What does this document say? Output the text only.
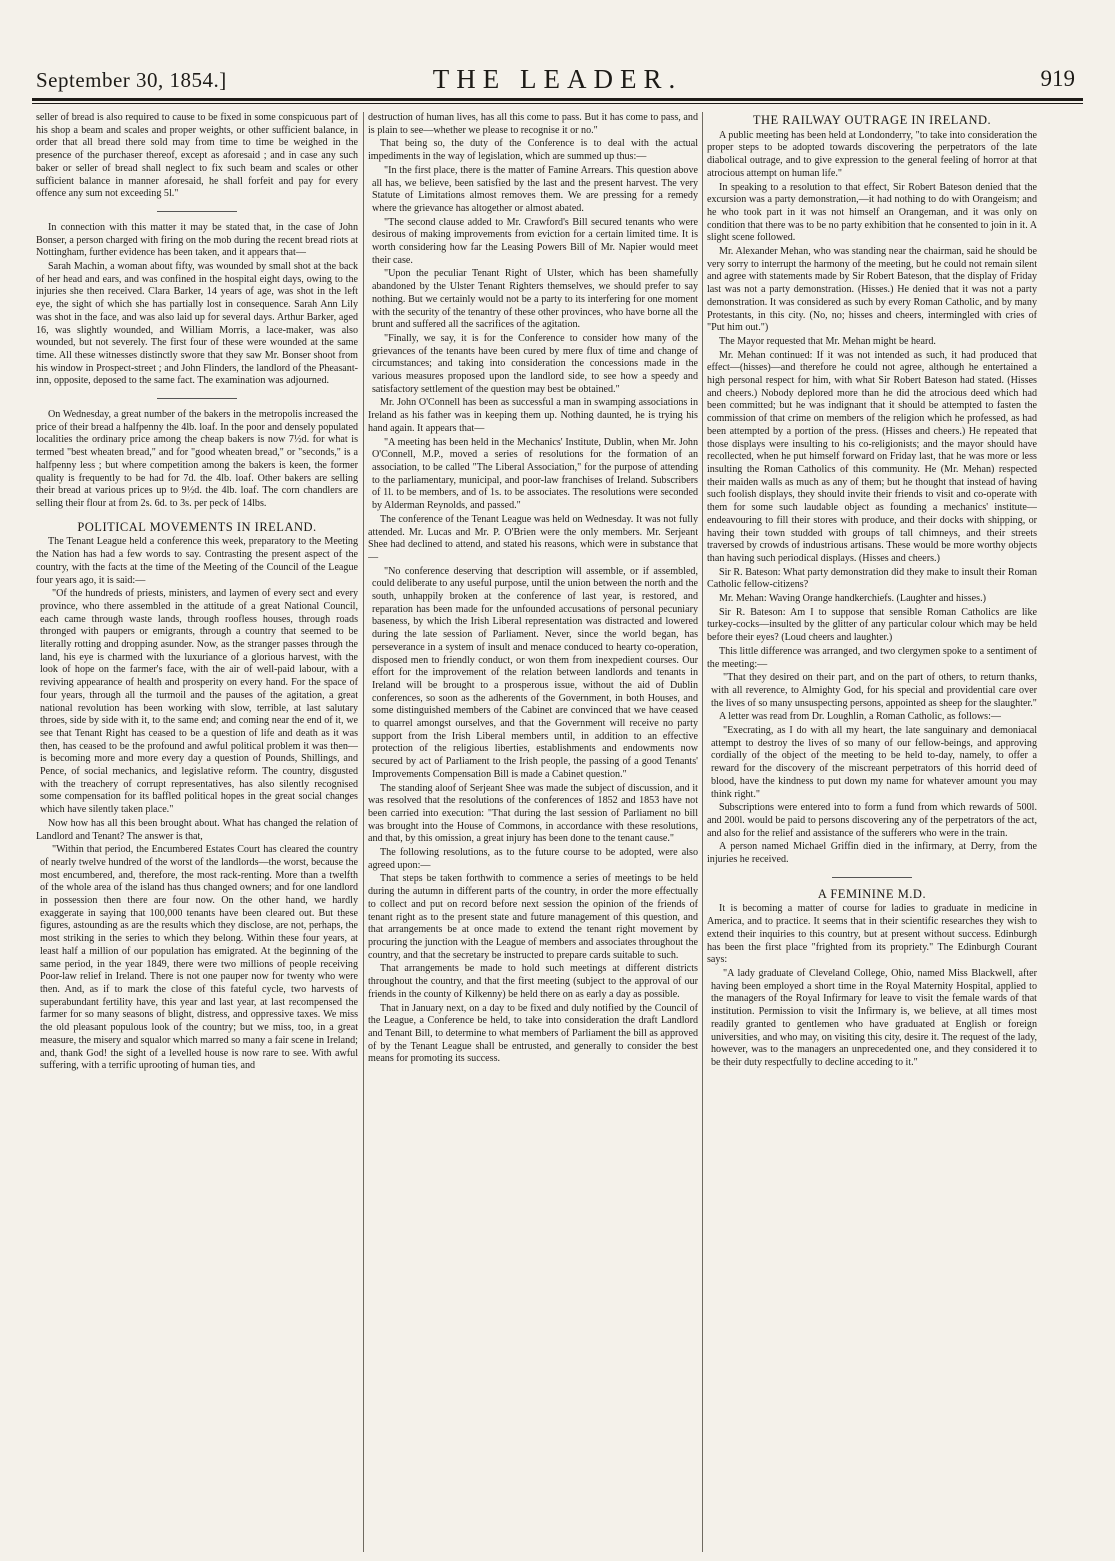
September 30, 1854.]	THE LEADER.	919

seller of bread is also required to cause to be fixed in some conspicuous part of his shop a beam and scales and proper weights, or other sufficient balance, in order that all bread there sold may from time to time be weighed in the presence of the purchaser thereof, except as aforesaid ; and in case any such baker or seller of bread shall neglect to fix such beam and scales or other sufficient balance in manner aforesaid, he shall forfeit and pay for every offence any sum not exceeding 5l."

In connection with this matter it may be stated that, in the case of John Bonser, a person charged with firing on the mob during the recent bread riots at Nottingham, further evidence has been taken, and it appears that—

Sarah Machin, a woman about fifty, was wounded by small shot at the back of her head and ears, and was confined in the hospital eight days, owing to the injuries she then received. Clara Barker, 14 years of age, was shot in the left eye, the sight of which she has partially lost in consequence. Sarah Ann Lily was shot in the face, and was also laid up for several days. Arthur Barker, aged 16, was slightly wounded, and William Morris, a lace-maker, was also wounded, but not severely. The first four of these were wounded at the same time. All these witnesses distinctly swore that they saw Mr. Bonser shoot from his window in Prospect-street ; and John Flinders, the landlord of the Pheasant-inn, opposite, deposed to the same fact. The examination was adjourned.

On Wednesday, a great number of the bakers in the metropolis increased the price of their bread a halfpenny the 4lb. loaf. In the poor and densely populated localities the ordinary price among the cheap bakers is now 7½d. for what is termed "best wheaten bread," and for "good wheaten bread," or "seconds," is a halfpenny less ; but where competition among the bakers is keen, the former quality is frequently to be had for 7d. the 4lb. loaf. Other bakers are selling their bread at various prices up to 9½d. the 4lb. loaf. The corn chandlers are selling their flour at from 2s. 6d. to 3s. per peck of 14lbs.

POLITICAL MOVEMENTS IN IRELAND.

The Tenant League held a conference this week, preparatory to the Meeting the Nation has had a few words to say. Contrasting the present aspect of the country, with the facts at the time of the Meeting of the Council of the League four years ago, it is said:—

"Of the hundreds of priests, ministers, and laymen of every sect and every province, who there assembled in the attitude of a great National Council, each came through waste lands, through roofless houses, through roads thronged with paupers or emigrants, through a country that seemed to be literally rotting and dropping asunder. Now, as the stranger passes through the land, his eye is charmed with the luxuriance of a glorious harvest, with the look of hope on the farmer's face, with the air of well-paid labour, with a reviving appearance of health and prosperity on every hand. For the space of four years, through all the turmoil and the pauses of the agitation, a great national revolution has been working with slow, terrible, at last salutary throes, side by side with it, to the same end; and coming near the end of it, we see that Tenant Right has ceased to be a question of life and death as it was then, has ceased to be the profound and awful political problem it was then—is becoming more and more every day a question of Pounds, Shillings, and Pence, of social mechanics, and legislative reform. The country, disgusted with the treachery of corrupt representatives, has also silently recognised some compensation for its baffled political hopes in the great social changes which have silently taken place."

Now how has all this been brought about. What has changed the relation of Landlord and Tenant? The answer is that,

"Within that period, the Encumbered Estates Court has cleared the country of nearly twelve hundred of the worst of the landlords—the worst, because the most encumbered, and, therefore, the most rack-renting. More than a twelfth of the whole area of the island has thus changed owners; and for one landlord in possession then there are four now. On the other hand, we hardly exaggerate in saying that 100,000 tenants have been cleared out. But these figures, astounding as are the results which they disclose, are not, perhaps, the most striking in the series to which they belong. Within these four years, at least half a million of our population has emigrated. At the beginning of the same period, in the year 1849, there were two millions of people receiving Poor-law relief in Ireland. There is not one pauper now for twenty who were then. And, as if to mark the close of this fateful cycle, two harvests of superabundant fertility have, this year and last year, at last recompensed the farmer for so many seasons of blight, distress, and oppressive taxes. We miss the old pleasant populous look of the country; but we miss, too, in a great measure, the misery and squalor which marred so many a fair scene in Ireland; and, thank God! the sight of a levelled house is now rare to see. With awful suffering, with a terrific uprooting of human ties, and

destruction of human lives, has all this come to pass. But it has come to pass, and is plain to see—whether we please to recognise it or no."

That being so, the duty of the Conference is to deal with the actual impediments in the way of legislation, which are summed up thus:—

"In the first place, there is the matter of Famine Arrears. This question above all has, we believe, been satisfied by the last and the present harvest. The very Statute of Limitations almost removes them. We are pressing for a remedy where the grievance has altogether or almost abated.

"The second clause added to Mr. Crawford's Bill secured tenants who were desirous of making improvements from eviction for a certain limited time. It is worth considering how far the Leasing Powers Bill of Mr. Napier would meet their case.

"Upon the peculiar Tenant Right of Ulster, which has been shamefully abandoned by the Ulster Tenant Righters themselves, we should prefer to say nothing. But we certainly would not be a party to its interfering for one moment with the security of the tenantry of these other provinces, who have borne all the brunt and suffered all the sacrifices of the agitation.

"Finally, we say, it is for the Conference to consider how many of the grievances of the tenants have been cured by mere flux of time and change of circumstances; and taking into consideration the concessions made in the various measures proposed upon the landlord side, to see how a speedy and satisfactory settlement of the question may best be obtained."

Mr. John O'Connell has been as successful a man in swamping associations in Ireland as his father was in keeping them up. Nothing daunted, he is trying his hand again. It appears that—

"A meeting has been held in the Mechanics' Institute, Dublin, when Mr. John O'Connell, M.P., moved a series of resolutions for the formation of an association, to be called "The Liberal Association," for the purpose of attending to the parliamentary, municipal, and poor-law franchises of Ireland. Subscribers of 1l. to be members, and of 1s. to be associates. The resolutions were seconded by Alderman Reynolds, and passed."

The conference of the Tenant League was held on Wednesday. It was not fully attended. Mr. Lucas and Mr. P. O'Brien were the only members. Mr. Serjeant Shee had declined to attend, and stated his reasons, which were in substance that—

"No conference deserving that description will assemble, or if assembled, could deliberate to any useful purpose, until the union between the north and the south, unhappily broken at the conference of last year, is restored, and reparation has been made for the unfounded accusations of personal pecuniary baseness, by which the Irish Liberal representation was distracted and lowered during the late session of Parliament. Never, since the world began, has perseverance in a system of insult and menace conduced to hearty co-operation, disposed men to friendly conduct, or won them from inexpedient courses. Our effort for the improvement of the relation between landlords and tenants in Ireland will be brought to a prosperous issue, without the aid of Dublin conferences, so soon as the adherents of the Government, in both Houses, and some distinguished members of the Cabinet are convinced that we have ceased to quarrel amongst ourselves, and that the Government will receive no party support from the Irish Liberal members until, in addition to an effective protection of the religious liberties, establishments and endowments now secured by act of Parliament to the Irish people, the passing of a good Tenants' Improvements Compensation Bill is made a Cabinet question."

The standing aloof of Serjeant Shee was made the subject of discussion, and it was resolved that the resolutions of the conferences of 1852 and 1853 have not been carried into execution: "That during the last session of Parliament no bill was brought into the House of Commons, in accordance with these resolutions, and that, by this omission, a great injury has been done to the tenant cause."

The following resolutions, as to the future course to be adopted, were also agreed upon:—

That steps be taken forthwith to commence a series of meetings to be held during the autumn in different parts of the country, in order the more effectually to collect and put on record before next session the opinion of the friends of tenant right as to the present state and future management of this question, and that arrangements be at once made to extend the tenant right movement by procuring the junction with the League of members and associates throughout the country, and that the secretary be instructed to prepare cards suitable to such.

That arrangements be made to hold such meetings at different districts throughout the country, and that the first meeting (subject to the approval of our friends in the county of Kilkenny) be held there on as early a day as possible.

That in January next, on a day to be fixed and duly notified by the Council of the League, a Conference be held, to take into consideration the draft Landlord and Tenant Bill, to determine to what members of Parliament the bill as approved of by the Tenant League shall be entrusted, and generally to consider the best means for promoting its success.

THE RAILWAY OUTRAGE IN IRELAND.

A public meeting has been held at Londonderry, "to take into consideration the proper steps to be adopted towards discovering the perpetrators of the late diabolical outrage, and to give expression to the general feeling of horror at that atrocious attempt on human life."

In speaking to a resolution to that effect, Sir Robert Bateson denied that the excursion was a party demonstration,—it had nothing to do with Orangeism; and he who took part in it was not himself an Orangeman, and it was only on condition that there was to be no party exhibition that he consented to join in it. A slight scene followed.

Mr. Alexander Mehan, who was standing near the chairman, said he should be very sorry to interrupt the harmony of the meeting, but he could not remain silent and agree with statements made by Sir Robert Bateson, that the display of Friday last was not a party demonstration. (Hisses.) He denied that it was not a party demonstration. It was considered as such by every Roman Catholic, and by many Protestants, in this city. (No, no; hisses and cheers, intermingled with cries of "Put him out.")

The Mayor requested that Mr. Mehan might be heard.

Mr. Mehan continued: If it was not intended as such, it had produced that effect—(hisses)—and therefore he could not agree, although he entertained a high personal respect for him, with what Sir Robert Bateson had stated. (Hisses and cheers.) Nobody deplored more than he did the atrocious deed which had been committed; but he was indignant that it should be attempted to fasten the commission of that crime on members of the religion which he professed, as had been attempted by a portion of the press. (Hisses and cheers.) He repeated that those displays were insulting to his co-religionists; and the mayor should have recollected, when he put himself forward on Friday last, that he was more or less insulting the Roman Catholics of this community. He (Mr. Mehan) respected their maiden walls as much as any of them; but he thought that instead of having such foolish displays, they should invite their friends to visit and co-operate with them for some such laudable object as founding a mechanics' institute—endeavouring to fill their stores with produce, and their docks with shipping, or having their town studded with groups of tall chimneys, and their streets traversed by crowds of industrious artisans. These would be more worthy objects than having such periodical displays. (Hisses and cheers.)

Sir R. Bateson: What party demonstration did they make to insult their Roman Catholic fellow-citizens?

Mr. Mehan: Waving Orange handkerchiefs. (Laughter and hisses.)

Sir R. Bateson: Am I to suppose that sensible Roman Catholics are like turkey-cocks—insulted by the glitter of any particular colour which may be held before their eyes? (Loud cheers and laughter.)

This little difference was arranged, and two clergymen spoke to a sentiment of the meeting:—

"That they desired on their part, and on the part of others, to return thanks, with all reverence, to Almighty God, for his special and providential care over the lives of so many unsuspecting persons, appointed as sheep for the slaughter."

A letter was read from Dr. Loughlin, a Roman Catholic, as follows:—

"Execrating, as I do with all my heart, the late sanguinary and demoniacal attempt to destroy the lives of so many of our fellow-beings, and approving cordially of the object of the meeting to be held to-day, namely, to offer a reward for the discovery of the miscreant perpetrators of this horrid deed of blood, have the kindness to put down my name for whatever amount you may think right."

Subscriptions were entered into to form a fund from which rewards of 500l. and 200l. would be paid to persons discovering any of the perpetrators of the act, and also for the relief and assistance of the sufferers who were in the train.

A person named Michael Griffin died in the infirmary, at Derry, from the injuries he received.

A FEMININE M.D.

It is becoming a matter of course for ladies to graduate in medicine in America, and to practice. It seems that in their scientific researches they wish to extend their inquiries to this country, but at present without success. Edinburgh has been the first place "frighted from its propriety." The Edinburgh Courant says:

"A lady graduate of Cleveland College, Ohio, named Miss Blackwell, after having been employed a short time in the Royal Maternity Hospital, applied to the managers of the Royal Infirmary for leave to visit the female wards of that institution. Permission to visit the Infirmary is, we believe, at all times most readily granted to gentlemen who have graduated at English or foreign universities, and who may, on visiting this city, desire it. The request of the lady, however, was to the managers an unprecedented one, and they considered it to be their duty respectfully to decline acceding to it."
